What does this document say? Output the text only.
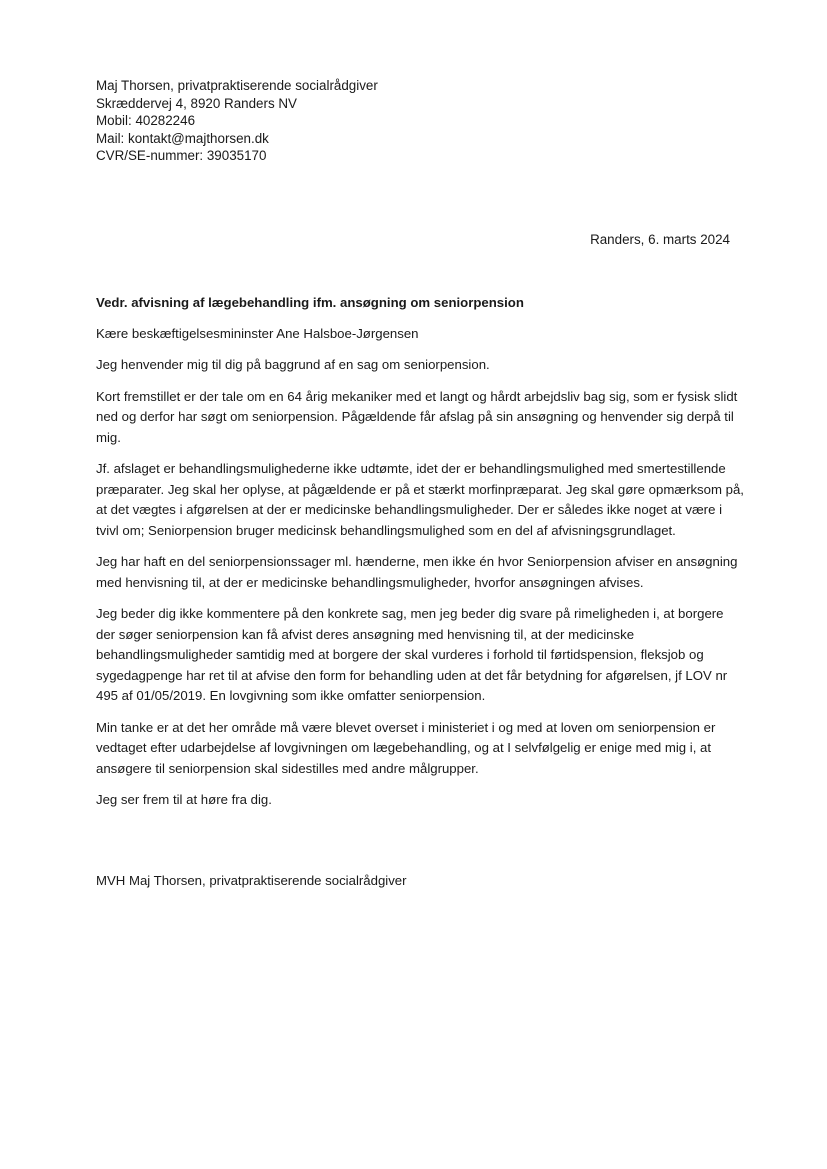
Maj Thorsen, privatpraktiserende socialrådgiver
Skræddervej 4, 8920 Randers NV
Mobil: 40282246
Mail: kontakt@majthorsen.dk
CVR/SE-nummer: 39035170
Randers, 6. marts 2024
Vedr. afvisning af lægebehandling ifm. ansøgning om seniorpension

Kære beskæftigelsesmininster Ane Halsboe-Jørgensen

Jeg henvender mig til dig på baggrund af en sag om seniorpension.

Kort fremstillet er der tale om en 64 årig mekaniker med et langt og hårdt arbejdsliv bag sig, som er fysisk slidt ned og derfor har søgt om seniorpension. Pågældende får afslag på sin ansøgning og henvender sig derpå til mig.

Jf. afslaget er behandlingsmulighederne ikke udtømte, idet der er behandlingsmulighed med smertestillende præparater. Jeg skal her oplyse, at pågældende er på et stærkt morfinpræparat. Jeg skal gøre opmærksom på, at det vægtes i afgørelsen at der er medicinske behandlingsmuligheder. Der er således ikke noget at være i tvivl om; Seniorpension bruger medicinsk behandlingsmulighed som en del af afvisningsgrundlaget.

Jeg har haft en del seniorpensionssager ml. hænderne, men ikke én hvor Seniorpension afviser en ansøgning med henvisning til, at der er medicinske behandlingsmuligheder, hvorfor ansøgningen afvises.

Jeg beder dig ikke kommentere på den konkrete sag, men jeg beder dig svare på rimeligheden i, at borgere der søger seniorpension kan få afvist deres ansøgning med henvisning til, at der medicinske behandlingsmuligheder samtidig med at borgere der skal vurderes i forhold til førtidspension, fleksjob og sygedagpenge har ret til at afvise den form for behandling uden at det får betydning for afgørelsen, jf LOV nr 495 af 01/05/2019. En lovgivning som ikke omfatter seniorpension.

Min tanke er at det her område må være blevet overset i ministeriet i og med at loven om seniorpension er vedtaget efter udarbejdelse af lovgivningen om lægebehandling, og at I selvfølgelig er enige med mig i, at ansøgere til seniorpension skal sidestilles med andre målgrupper.

Jeg ser frem til at høre fra dig.

MVH Maj Thorsen, privatpraktiserende socialrådgiver
